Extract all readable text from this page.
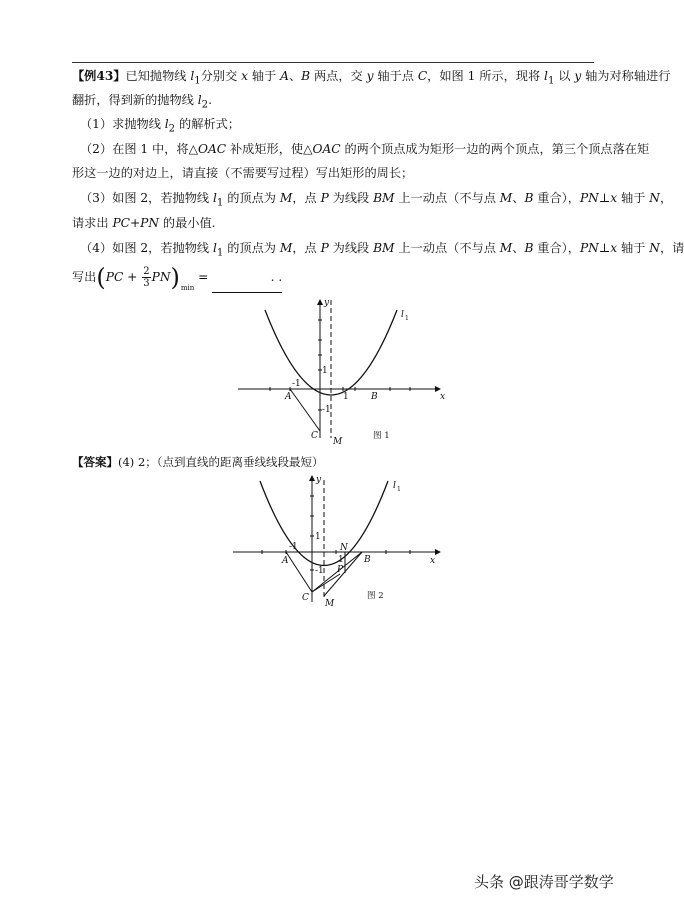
【例43】已知抛物线 $l_1$分别交 x 轴于 A、B 两点，交 y 轴于点 C，如图 1 所示，现将 $l_1$ 以 y 轴为对称轴进行
翻折，得到新的抛物线 $l_2$.
（1）求抛物线 $l_2$ 的解析式；
（2）在图 1 中，将△OAC 补成矩形，使△OAC 的两个顶点成为矩形一边的两个顶点，第三个顶点落在矩
形这一边的对边上，请直接（不需要写过程）写出矩形的周长；
（3）如图 2，若抛物线 $l_1$ 的顶点为 M，点 P 为线段 BM 上一动点（不与点 M、B 重合），PN⊥x 轴于 N，
请求出 PC+PN 的最小值.
（4）如图 2，若抛物线 $l_1$ 的顶点为 M，点 P 为线段 BM 上一动点（不与点 M、B 重合），PN⊥x 轴于 N，请
写出$(PC + \frac{2}{3} PN)_{min}$ =	. .
【答案】(4) 2；（点到直线的距离垂线线段最短）
l 1
x
y
-1
1
1
-1
A	B
C
M
图 1
l 1
x
y
-1
1
-1
A	B
C
M
N
P
1
图 2
头条 @跟涛哥学数学
